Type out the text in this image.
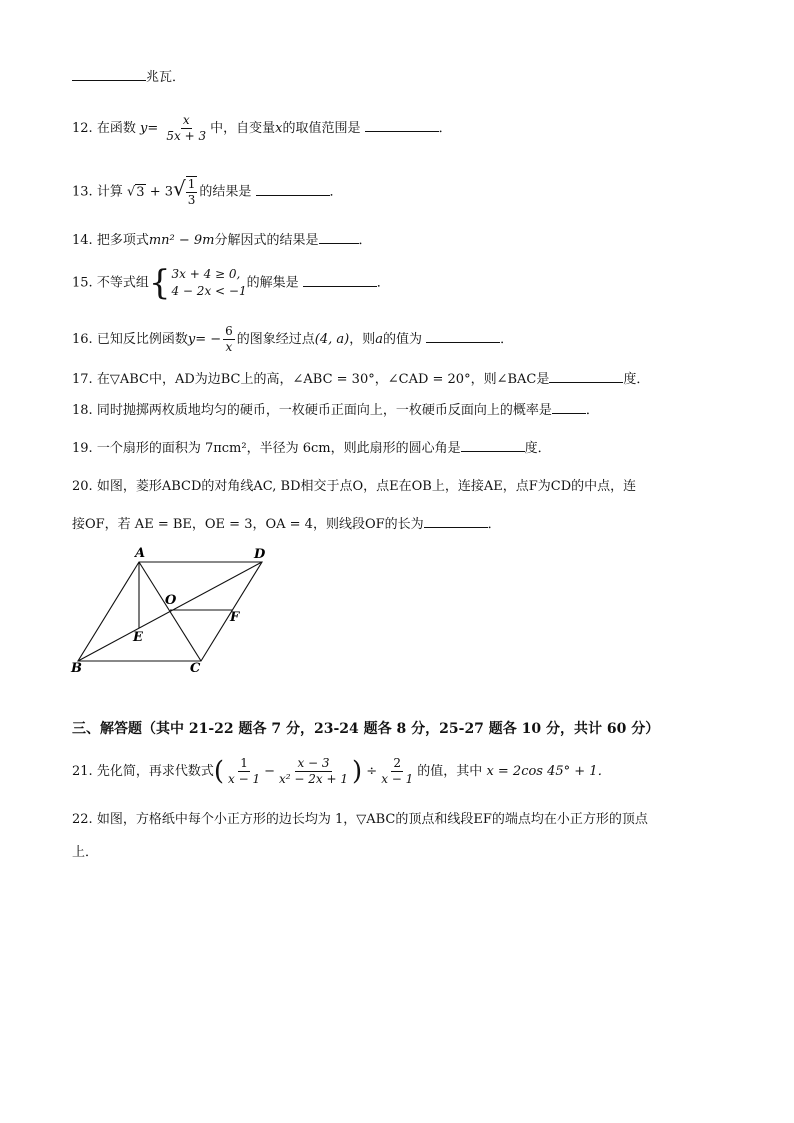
兆瓦．
12. 在函数 $y= \frac{x}{5x + 3}$ 中，自变量x的取值范围是	．
13. 计算 $√3 + 3√ \frac{1}{3}$ 的结果是	．
14. 把多项式mn² − 9m分解因式的结果是	．
15. 不等式组 { 3x + 4 ≥ 0,
4 − 2x < −1
的解集是	．
16. 已知反比例函数$y= - \frac{6}{x}$ 的图象经过点(4, a)，则a的值为	．
17. 在▽ABC中，AD为边BC上的高，∠ABC = 30°，∠CAD = 20°，则∠BAC是	度．
18. 同时抛掷两枚质地均匀的硬币，一枚硬币正面向上，一枚硬币反面向上的概率是	．
19. 一个扇形的面积为 7πcm²，半径为 6cm，则此扇形的圆心角是	度．
20. 如图，菱形ABCD的对角线AC, BD相交于点O，点E在OB上，连接AE，点F为CD的中点，连
接OF，若 AE = BE，OE = 3，OA = 4，则线段OF的长为	．
A	D
O
F
E
B	C
三、解答题（其中 21-22 题各 7 分，23-24 题各 8 分，25-27 题各 10 分，共计 60 分）
21. 先化简，再求代数式( $\frac{1}{x - 1} - \frac{x - 3}{\text{x² − 2x + 1}}$ ) ÷ $\frac{2}{x - 1}$ 的值，其中 x = 2cos 45° + 1．
22. 如图，方格纸中每个小正方形的边长均为 1，▽ABC的顶点和线段EF的端点均在小正方形的顶点
上．
